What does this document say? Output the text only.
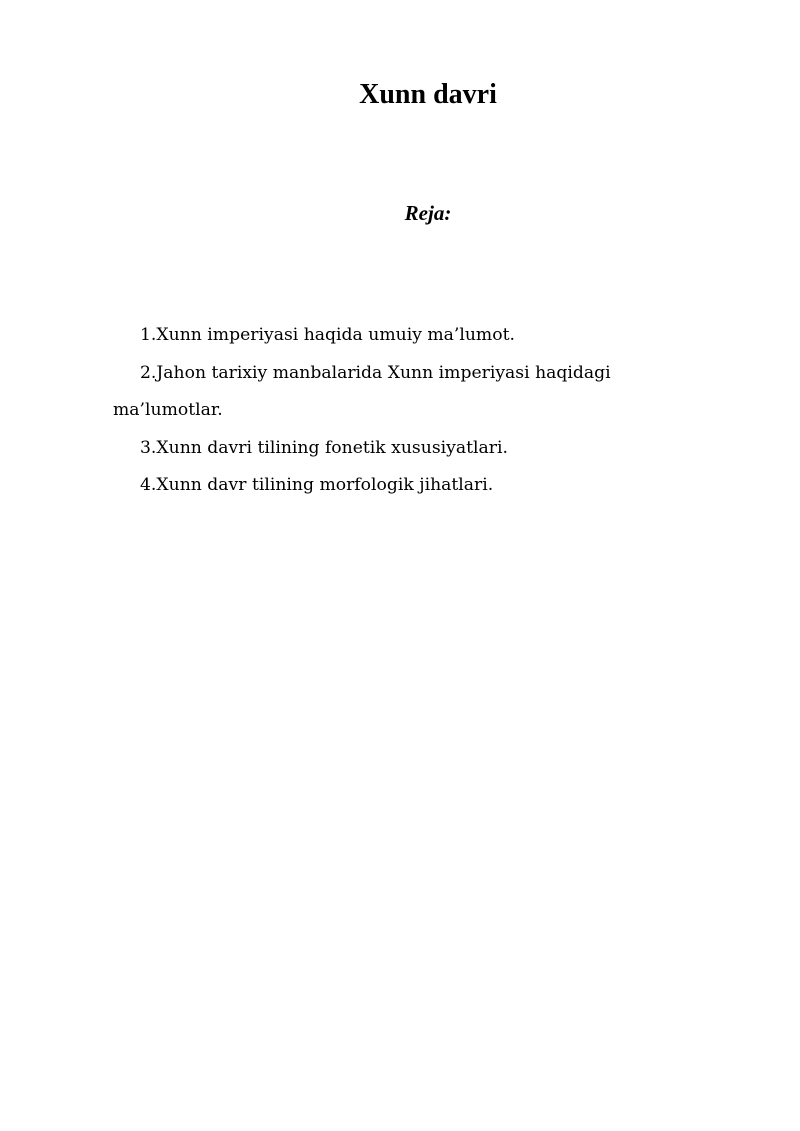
Xunn davri
Reja:
1.Xunn imperiyasi haqida umuiy ma’lumot.
2.Jahon tarixiy manbalarida Xunn imperiyasi haqidagi ma’lumotlar.
3.Xunn davri tilining fonetik xususiyatlari.
4.Xunn davr tilining morfologik jihatlari.
